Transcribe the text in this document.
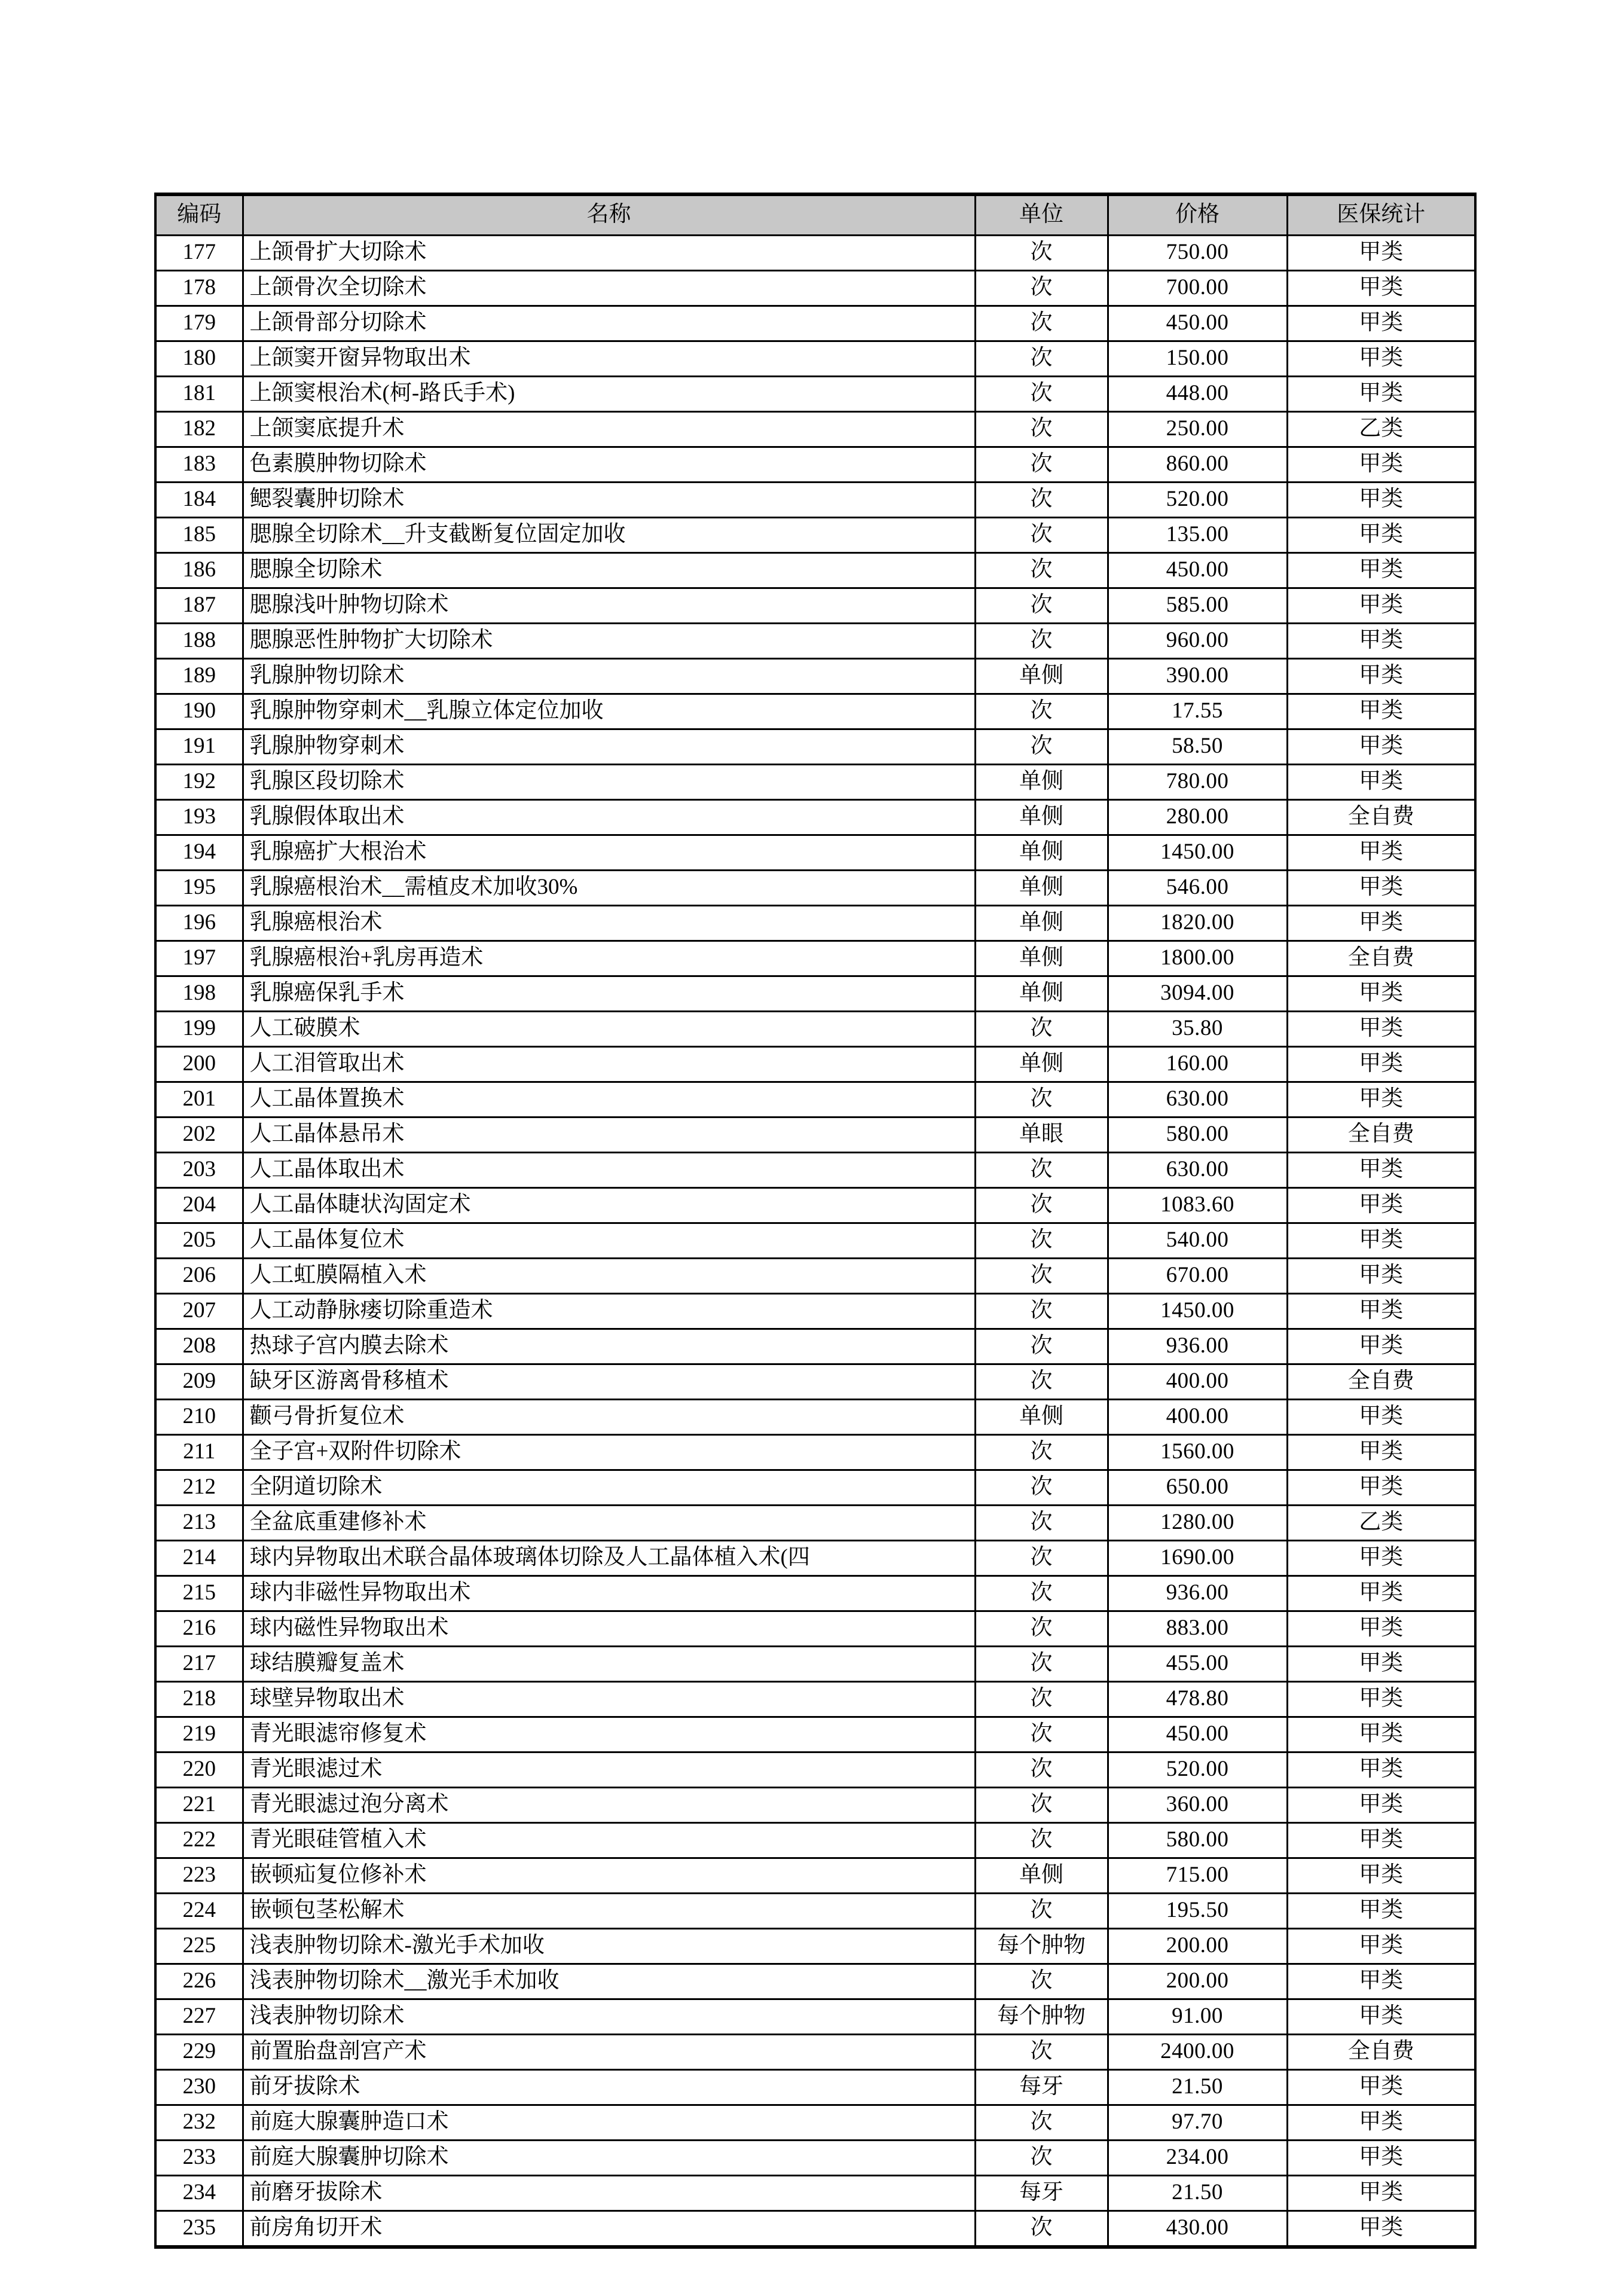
编码	名称	单位	价格	医保统计
177	上颌骨扩大切除术	次	750.00	甲类
178	上颌骨次全切除术	次	700.00	甲类
179	上颌骨部分切除术	次	450.00	甲类
180	上颌窦开窗异物取出术	次	150.00	甲类
181	上颌窦根治术(柯-路氏手术)	次	448.00	甲类
182	上颌窦底提升术	次	250.00	乙类
183	色素膜肿物切除术	次	860.00	甲类
184	鳃裂囊肿切除术	次	520.00	甲类
185	腮腺全切除术__升支截断复位固定加收	次	135.00	甲类
186	腮腺全切除术	次	450.00	甲类
187	腮腺浅叶肿物切除术	次	585.00	甲类
188	腮腺恶性肿物扩大切除术	次	960.00	甲类
189	乳腺肿物切除术	单侧	390.00	甲类
190	乳腺肿物穿刺术__乳腺立体定位加收	次	17.55	甲类
191	乳腺肿物穿刺术	次	58.50	甲类
192	乳腺区段切除术	单侧	780.00	甲类
193	乳腺假体取出术	单侧	280.00	全自费
194	乳腺癌扩大根治术	单侧	1450.00	甲类
195	乳腺癌根治术__需植皮术加收30%	单侧	546.00	甲类
196	乳腺癌根治术	单侧	1820.00	甲类
197	乳腺癌根治+乳房再造术	单侧	1800.00	全自费
198	乳腺癌保乳手术	单侧	3094.00	甲类
199	人工破膜术	次	35.80	甲类
200	人工泪管取出术	单侧	160.00	甲类
201	人工晶体置换术	次	630.00	甲类
202	人工晶体悬吊术	单眼	580.00	全自费
203	人工晶体取出术	次	630.00	甲类
204	人工晶体睫状沟固定术	次	1083.60	甲类
205	人工晶体复位术	次	540.00	甲类
206	人工虹膜隔植入术	次	670.00	甲类
207	人工动静脉瘘切除重造术	次	1450.00	甲类
208	热球子宫内膜去除术	次	936.00	甲类
209	缺牙区游离骨移植术	次	400.00	全自费
210	颧弓骨折复位术	单侧	400.00	甲类
211	全子宫+双附件切除术	次	1560.00	甲类
212	全阴道切除术	次	650.00	甲类
213	全盆底重建修补术	次	1280.00	乙类
214	球内异物取出术联合晶体玻璃体切除及人工晶体植入术(四	次	1690.00	甲类
215	球内非磁性异物取出术	次	936.00	甲类
216	球内磁性异物取出术	次	883.00	甲类
217	球结膜瓣复盖术	次	455.00	甲类
218	球壁异物取出术	次	478.80	甲类
219	青光眼滤帘修复术	次	450.00	甲类
220	青光眼滤过术	次	520.00	甲类
221	青光眼滤过泡分离术	次	360.00	甲类
222	青光眼硅管植入术	次	580.00	甲类
223	嵌顿疝复位修补术	单侧	715.00	甲类
224	嵌顿包茎松解术	次	195.50	甲类
225	浅表肿物切除术-激光手术加收	每个肿物	200.00	甲类
226	浅表肿物切除术__激光手术加收	次	200.00	甲类
227	浅表肿物切除术	每个肿物	91.00	甲类
229	前置胎盘剖宫产术	次	2400.00	全自费
230	前牙拔除术	每牙	21.50	甲类
232	前庭大腺囊肿造口术	次	97.70	甲类
233	前庭大腺囊肿切除术	次	234.00	甲类
234	前磨牙拔除术	每牙	21.50	甲类
235	前房角切开术	次	430.00	甲类
